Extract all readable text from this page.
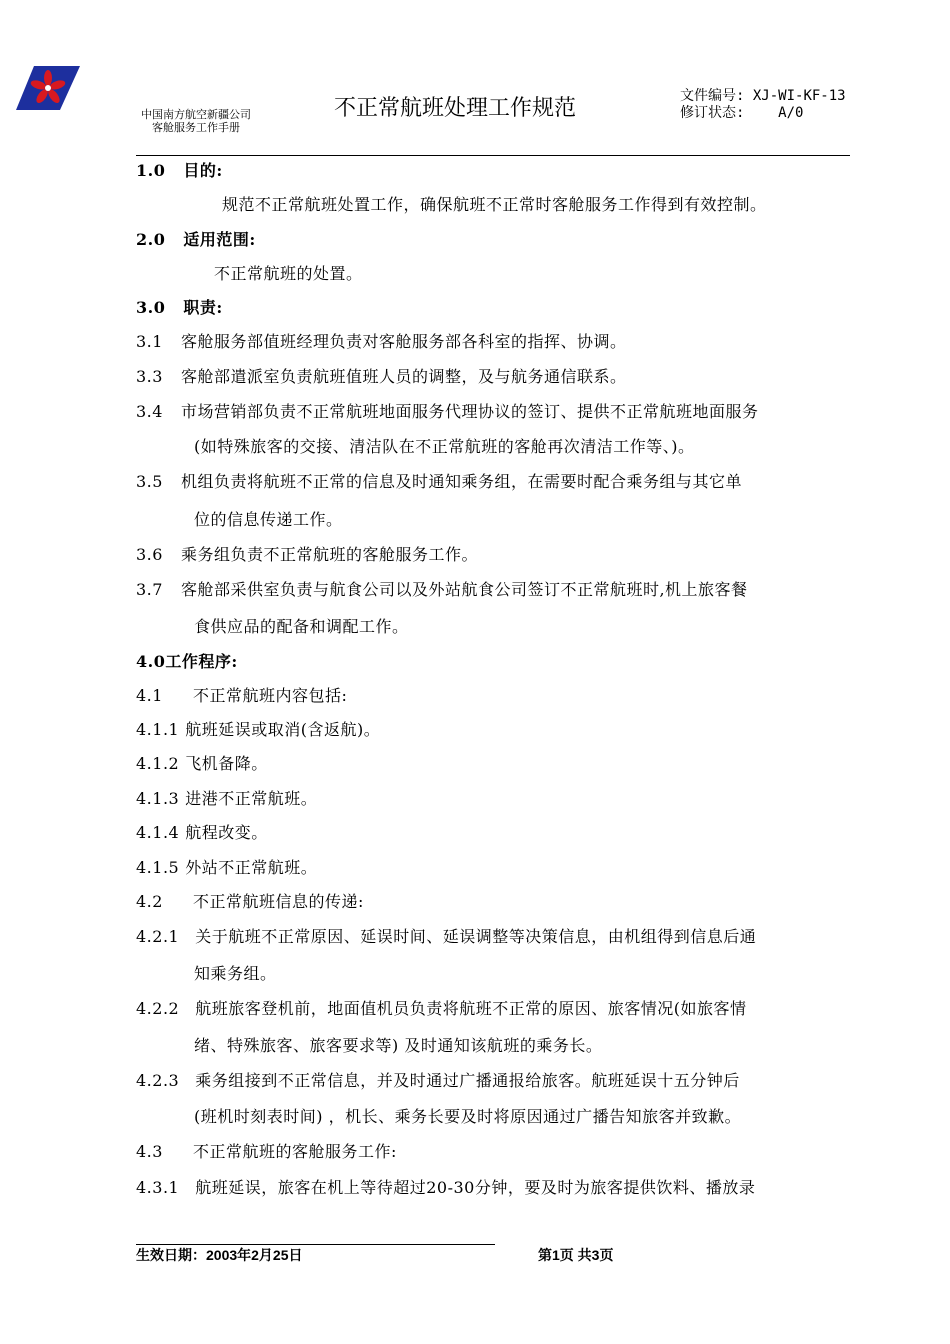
中国南方航空新疆公司
客舱服务工作手册
不正常航班处理工作规范	文件编号: XJ-WI-KF-13
修订状态: A/0
1.0 目的:
规范不正常航班处置工作，确保航班不正常时客舱服务工作得到有效控制。
2.0 适用范围:
不正常航班的处置。
3.0 职责:
3.1 客舱服务部值班经理负责对客舱服务部各科室的指挥、协调。
3.3 客舱部遣派室负责航班值班人员的调整，及与航务通信联系。
3.4 市场营销部负责不正常航班地面服务代理协议的签订、提供不正常航班地面服务
(如特殊旅客的交接、清洁队在不正常航班的客舱再次清洁工作等、)。
3.5 机组负责将航班不正常的信息及时通知乘务组，在需要时配合乘务组与其它单
位的信息传递工作。
3.6 乘务组负责不正常航班的客舱服务工作。
3.7 客舱部采供室负责与航食公司以及外站航食公司签订不正常航班时,机上旅客餐
食供应品的配备和调配工作。
4.0工作程序:
4.1 不正常航班内容包括:
4.1.1 航班延误或取消(含返航)。
4.1.2 飞机备降。
4.1.3 进港不正常航班。
4.1.4 航程改变。
4.1.5 外站不正常航班。
4.2 不正常航班信息的传递:
4.2.1 关于航班不正常原因、延误时间、延误调整等决策信息，由机组得到信息后通
知乘务组。
4.2.2 航班旅客登机前，地面值机员负责将航班不正常的原因、旅客情况(如旅客情
绪、特殊旅客、旅客要求等) 及时通知该航班的乘务长。
4.2.3 乘务组接到不正常信息，并及时通过广播通报给旅客。航班延误十五分钟后
(班机时刻表时间) ，机长、乘务长要及时将原因通过广播告知旅客并致歉。
4.3 不正常航班的客舱服务工作:
4.3.1 航班延误，旅客在机上等待超过20-30分钟，要及时为旅客提供饮料、播放录
生效日期：2003年2月25日	第1页 共3页
